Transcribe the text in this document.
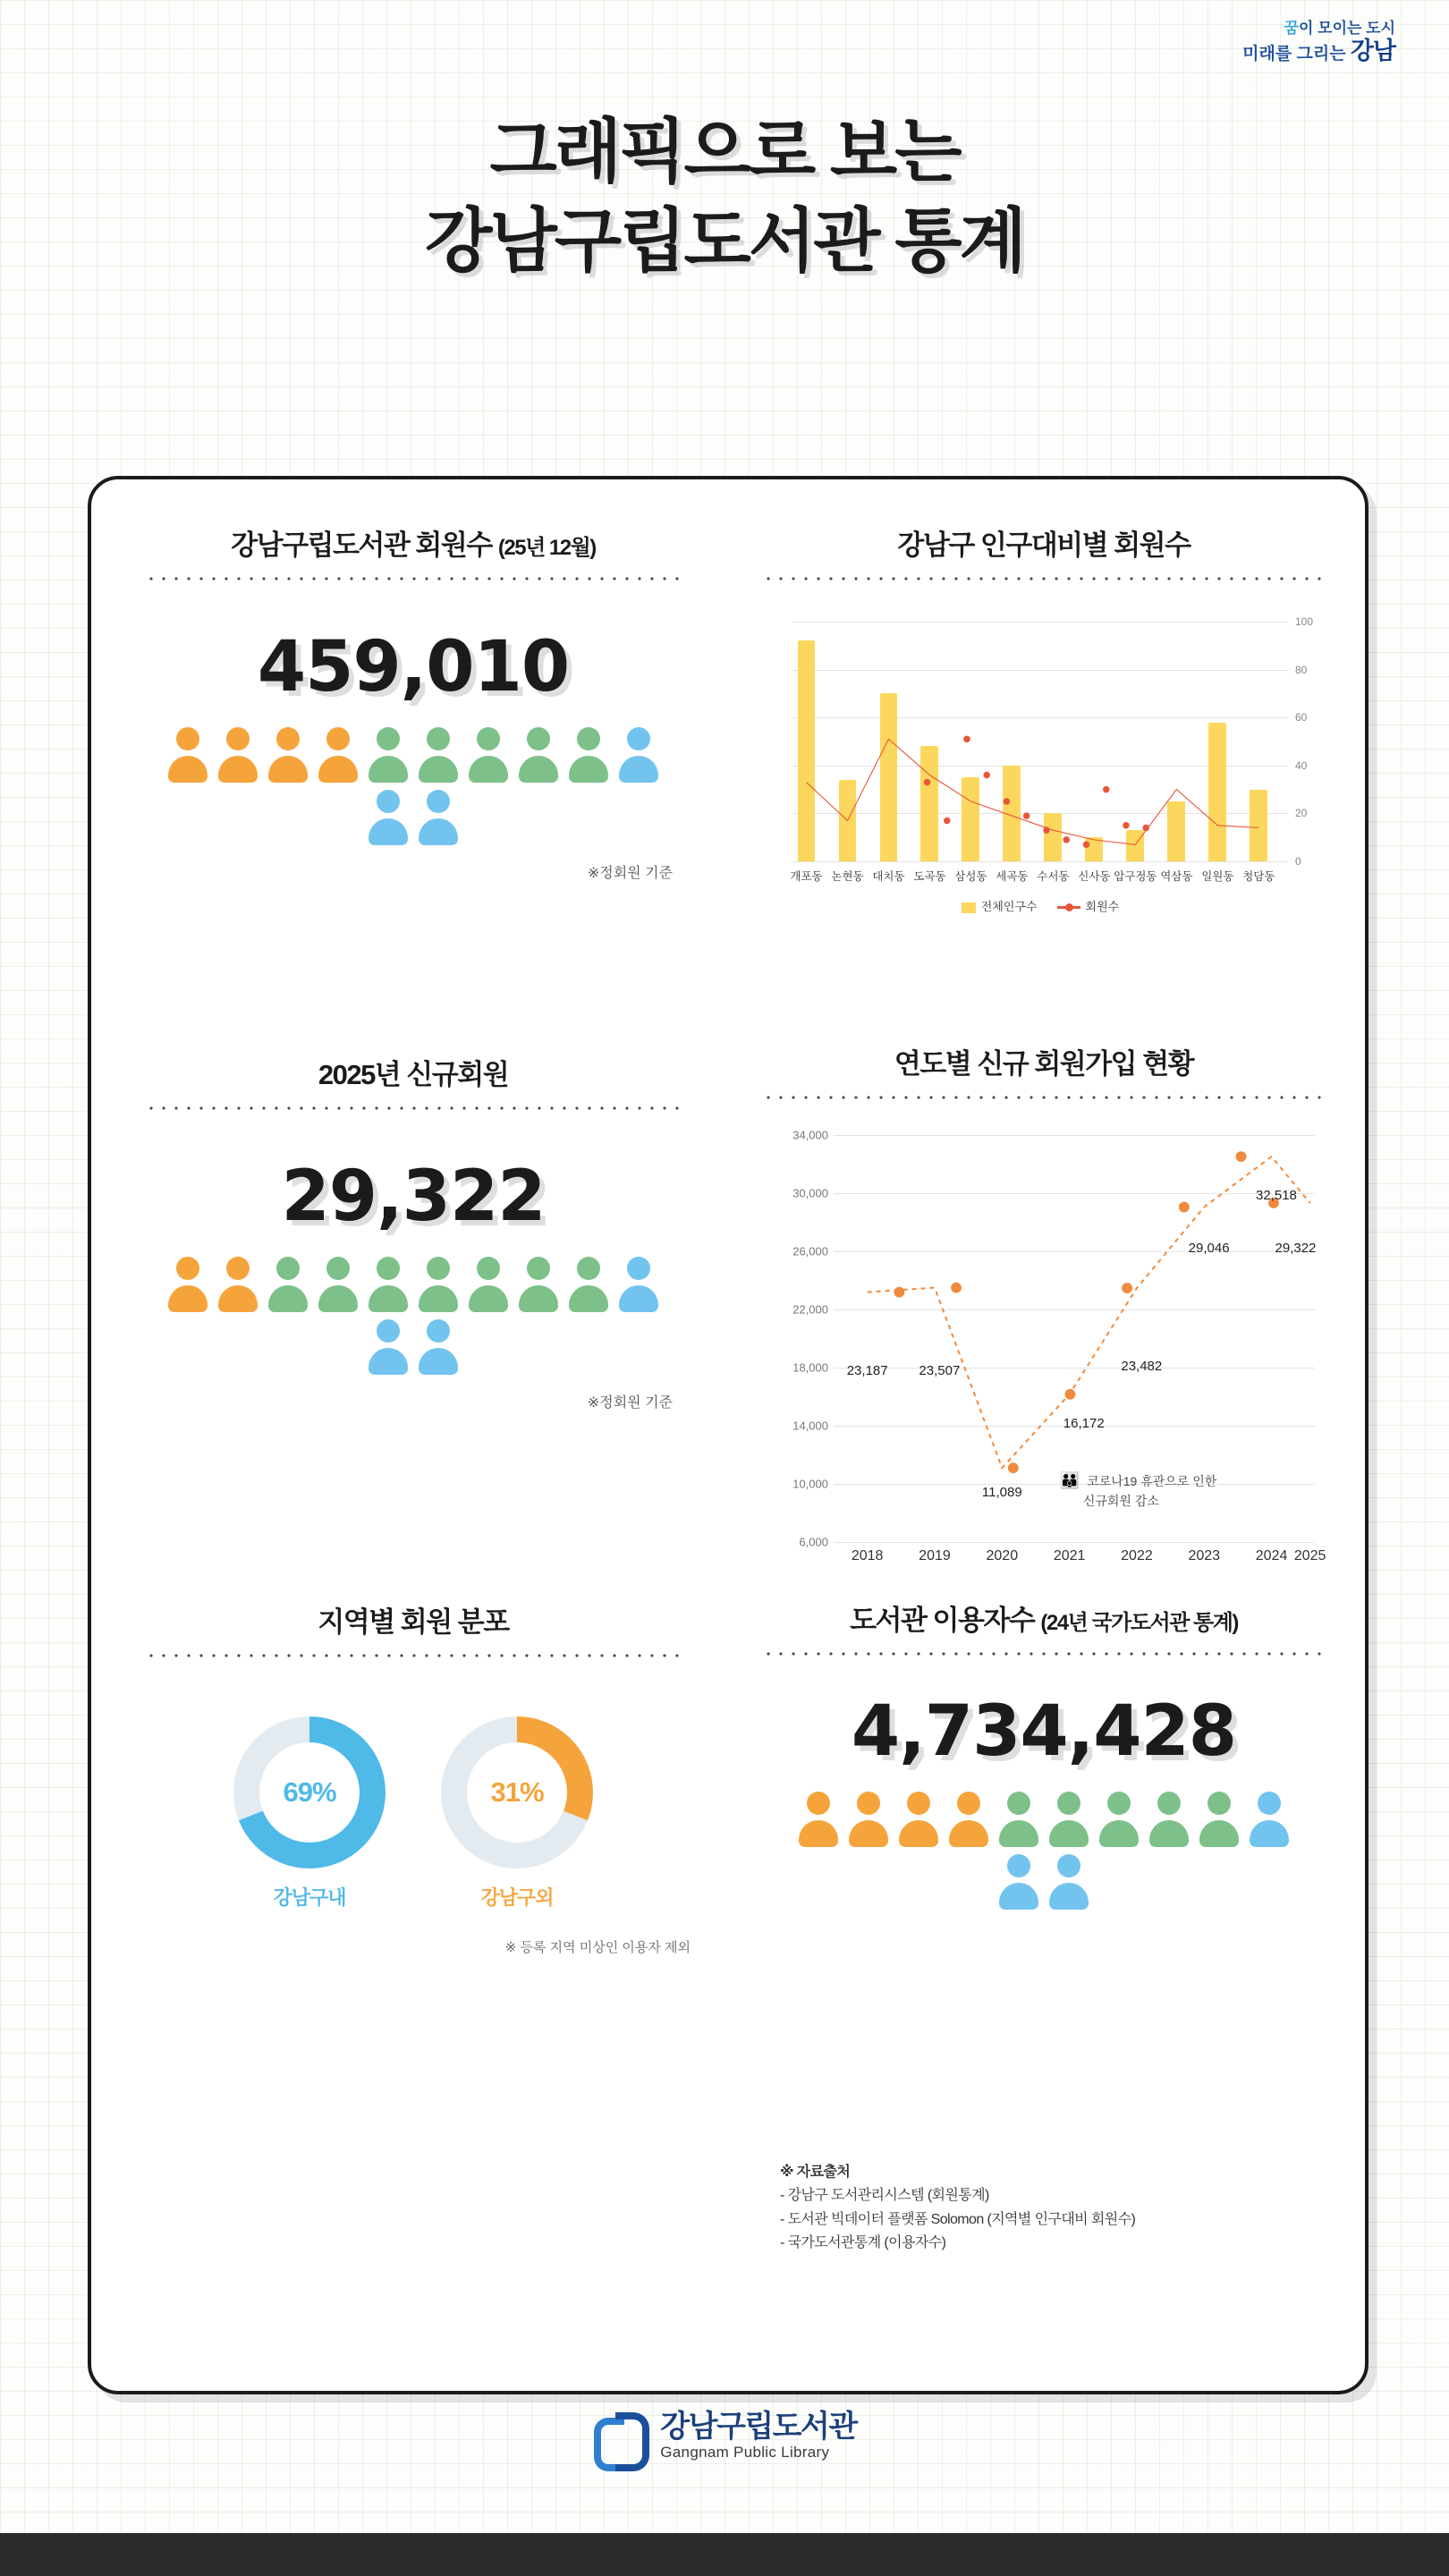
꿈이 모이는 도시
미래를 그리는 강남
그래픽으로 보는
강남구립도서관 통계
강남구립도서관 회원수 (25년 12월)
459,010
※정회원 기준
2025년 신규회원
29,322
※정회원 기준
지역별 회원 분포
69%
강남구내
31%
강남구외
※ 등록 지역 미상인 이용자 제외
강남구 인구대비별 회원수
100
80
60
40
20
0
개포동 논현동 대치동 도곡동 삼성동 세곡동 수서동 신사동 압구정동 역삼동 일원동 청담동
전체인구수	회원수
연도별 신규 회원가입 현황
34,000
30,000
26,000
22,000
18,000
14,000
10,000
6,000
23,187 23,507
11,089
16,172
23,482
29,046
32,518
29,322
👪 코로나19 휴관으로 인한
신규회원 감소
2018 2019 2020 2021 2022 2023 2024 2025
도서관 이용자수 (24년 국가도서관 통계)
4,734,428
※ 자료출처
- 강남구 도서관리시스템 (회원통계)
- 도서관 빅데이터 플랫폼 Solomon (지역별 인구대비 회원수)
- 국가도서관통계 (이용자수)
강남구립도서관
Gangnam Public Library
